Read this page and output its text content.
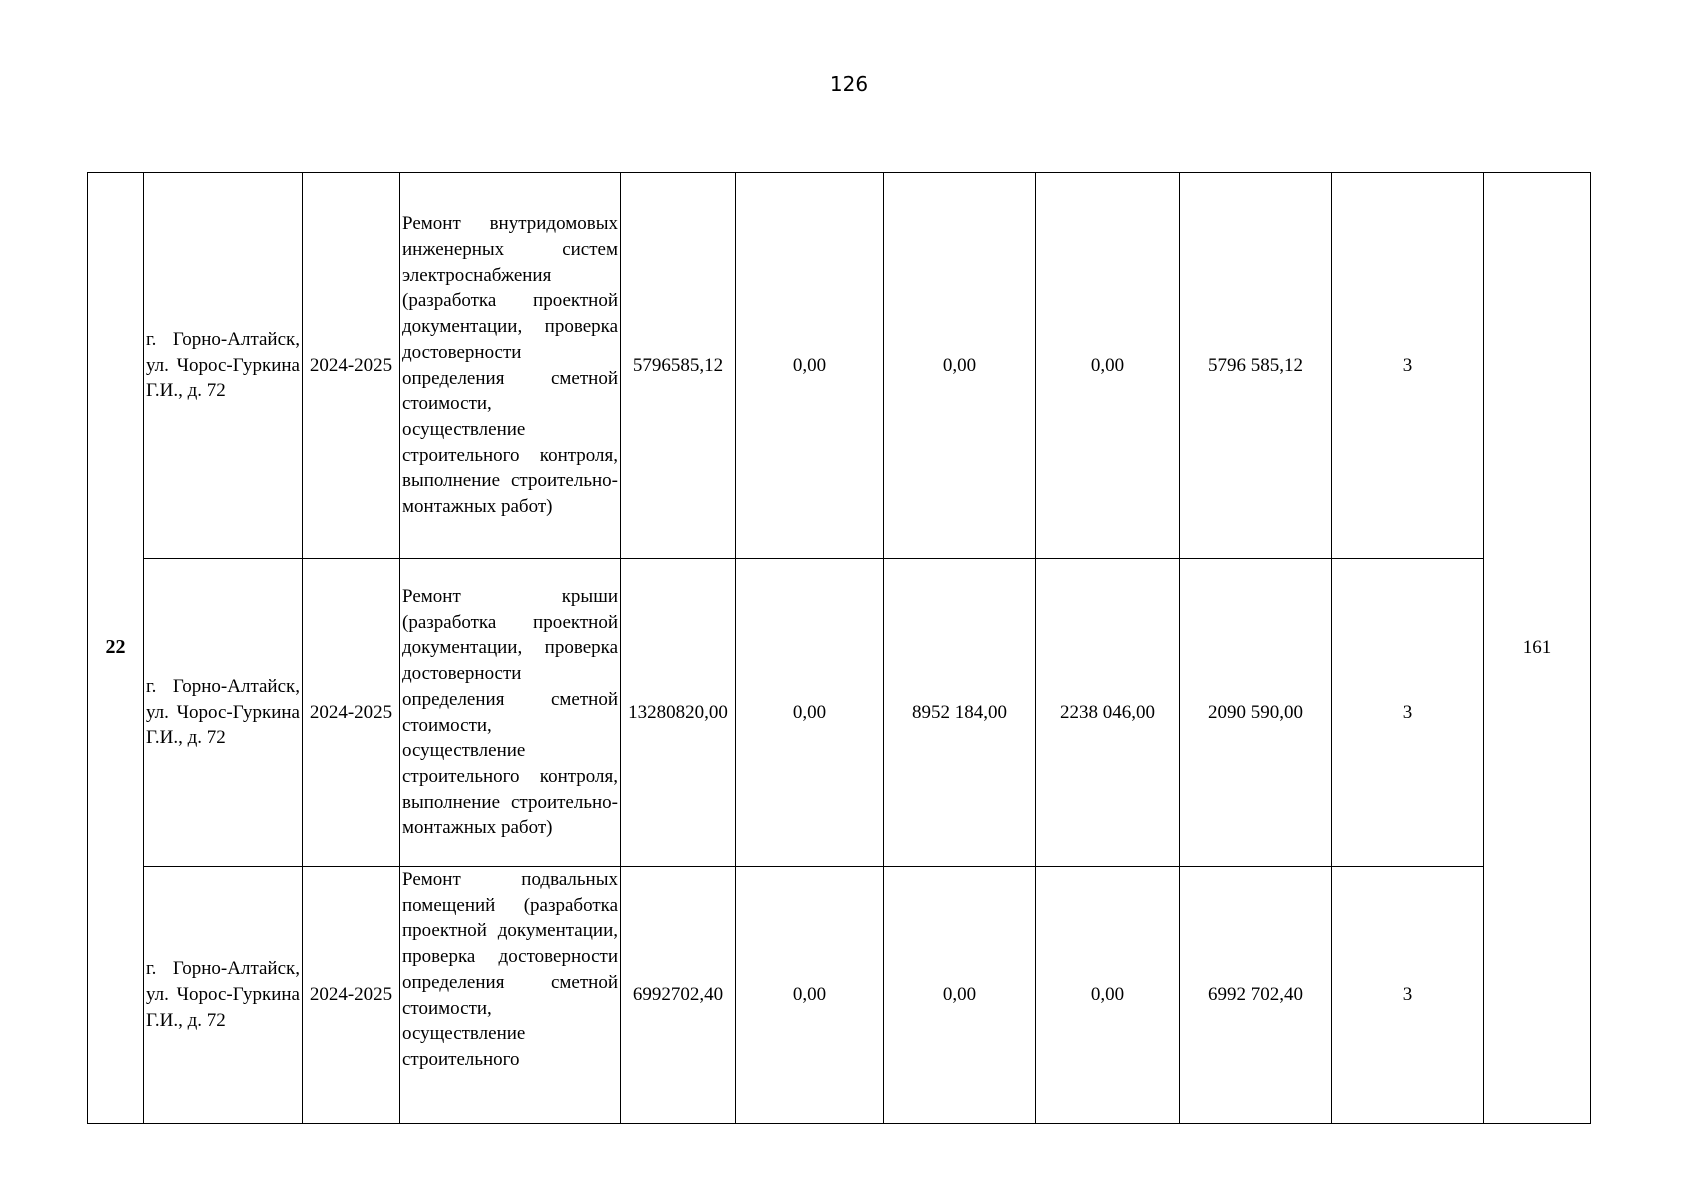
126
22	г. Горно-Алтайск, ул. Чорос-Гуркина Г.И., д. 72	2024-2025	Ремонт внутридомовых инженерных систем электроснабжения (разработка проектной документации, проверка достоверности определения сметной стоимости, осуществление строительного контроля, выполнение строительно-монтажных работ)	5796585,12	0,00	0,00	0,00	5796 585,12	3	161
	г. Горно-Алтайск, ул. Чорос-Гуркина Г.И., д. 72	2024-2025	Ремонт крыши (разработка проектной документации, проверка достоверности определения сметной стоимости, осуществление строительного контроля, выполнение строительно-монтажных работ)	13280820,00	0,00	8952 184,00	2238 046,00	2090 590,00	3	
	г. Горно-Алтайск, ул. Чорос-Гуркина Г.И., д. 72	2024-2025	Ремонт подвальных помещений (разработка проектной документации, проверка достоверности определения сметной стоимости, осуществление строительного	6992702,40	0,00	0,00	0,00	6992 702,40	3	
